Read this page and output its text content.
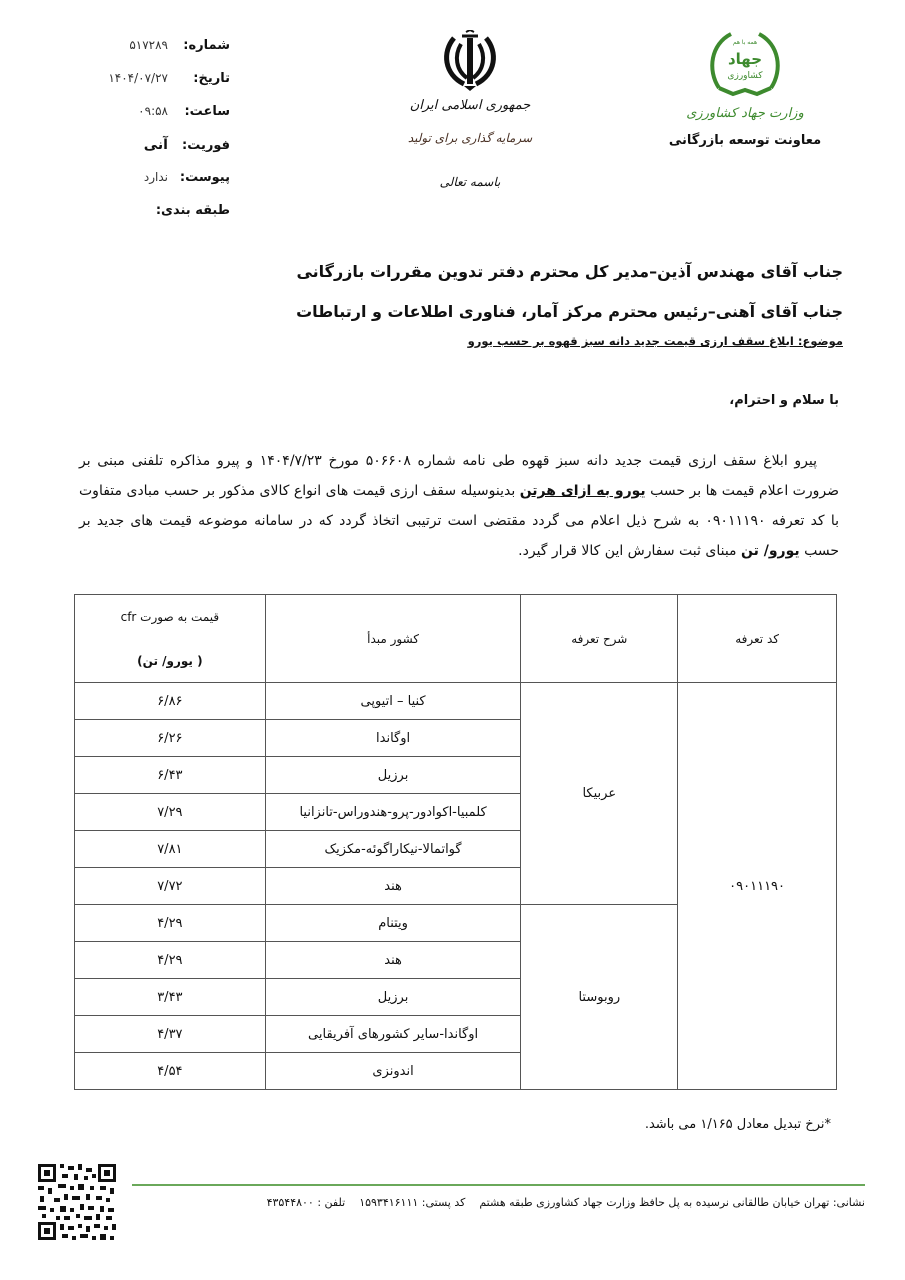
شماره:
۵۱۷۲۸۹
تاریخ:
۱۴۰۴/۰۷/۲۷
ساعت:
۰۹:۵۸
فوریت:
آنی
پیوست:
ندارد
طبقه بندی:
جمهوری اسلامی ایران
سرمایه گذاری برای تولید
باسمه تعالی
همه با هم
جهاد
کشاورزی
وزارت جهاد کشاورزی
معاونت توسعه بازرگانی
جناب آقای مهندس آذین–مدیر کل محترم دفتر تدوین مقررات بازرگانی
جناب آقای آهنی–رئیس محترم مرکز آمار، فناوری اطلاعات و ارتباطات
موضوع: ابلاغ سقف ارزی قیمت جدید دانه سبز قهوه بر حسب یورو
با سلام و احترام،

پیرو ابلاغ سقف ارزی قیمت جدید دانه سبز قهوه طی نامه شماره ۵۰۶۶۰۸ مورخ ۱۴۰۴/۷/۲۳ و پیرو مذاکره تلفنی مبنی بر ضرورت اعلام قیمت ها بر حسب یورو به ازای هرتن بدینوسیله سقف ارزی قیمت های انواع کالای مذکور بر حسب مبادی متفاوت با کد تعرفه ۰۹۰۱۱۱۹۰ به شرح ذیل اعلام می گردد مقتضی است ترتیبی اتخاذ گردد که در سامانه موضوعه قیمت های جدید بر حسب یورو/ تن مبنای ثبت سفارش این کالا قرار گیرد.

کد تعرفه	شرح تعرفه	کشور مبدأ	قیمت به صورت cfr
( یورو/ تن)

۰۹۰۱۱۱۹۰	عربیکا	کنیا – اتیوپی	۶/۸۶
		اوگاندا	۶/۲۶
		برزیل	۶/۴۳
		کلمبیا-اکوادور-پرو-هندوراس-تانزانیا	۷/۲۹
		گواتمالا-نیکاراگوئه-مکزیک	۷/۸۱
		هند	۷/۷۲
	روبوستا	ویتنام	۴/۲۹
		هند	۴/۲۹
		برزیل	۳/۴۳
		اوگاندا-سایر کشورهای آفریقایی	۴/۳۷
		اندونزی	۴/۵۴
*نرخ تبدیل معادل ۱/۱۶۵ می باشد.
نشانی: تهران خیابان طالقانی نرسیده به پل حافظ وزارت جهاد کشاورزی طبقه هشتم
کد پستی: ۱۵۹۳۴۱۶۱۱۱
تلفن : ۴۳۵۴۴۸۰۰
